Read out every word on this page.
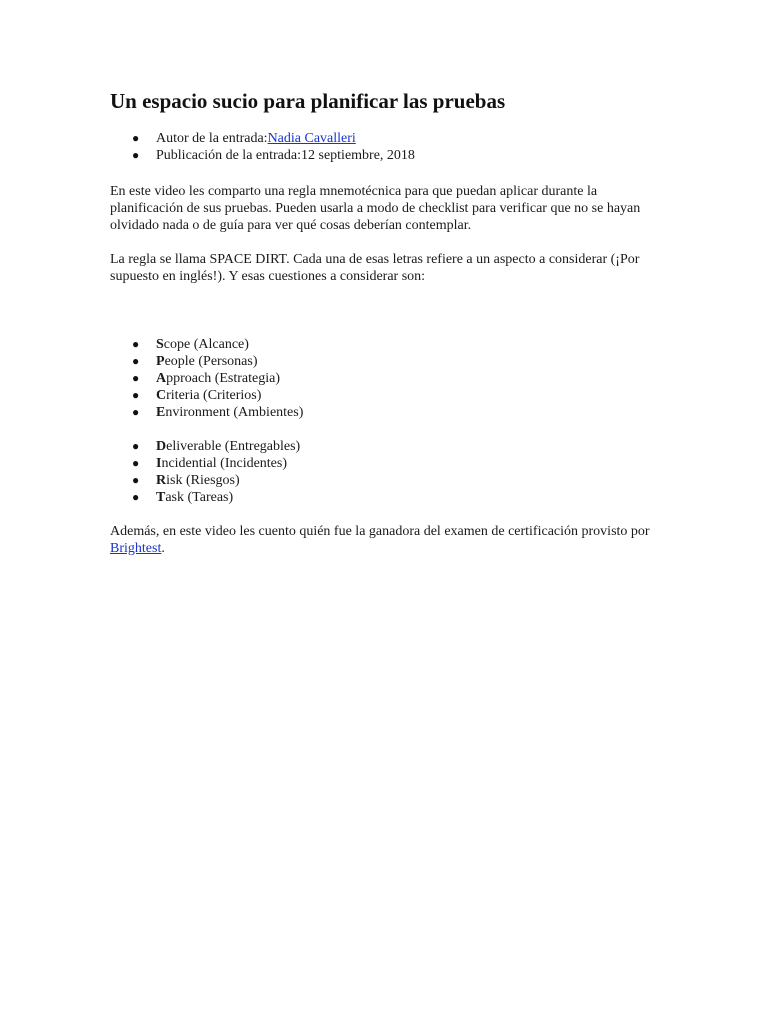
Un espacio sucio para planificar las pruebas
● Autor de la entrada:Nadia Cavalleri
● Publicación de la entrada:12 septiembre, 2018

En este video les comparto una regla mnemotécnica para que puedan aplicar durante la planificación de sus pruebas. Pueden usarla a modo de checklist para verificar que no se hayan olvidado nada o de guía para ver qué cosas deberían contemplar.

La regla se llama SPACE DIRT. Cada una de esas letras refiere a un aspecto a considerar (¡Por supuesto en inglés!). Y esas cuestiones a considerar son:

● Scope (Alcance)
● People (Personas)
● Approach (Estrategia)
● Criteria (Criterios)
● Environment (Ambientes)
● Deliverable (Entregables)
● Incidential (Incidentes)
● Risk (Riesgos)
● Task (Tareas)

Además, en este video les cuento quién fue la ganadora del examen de certificación provisto por Brightest.
